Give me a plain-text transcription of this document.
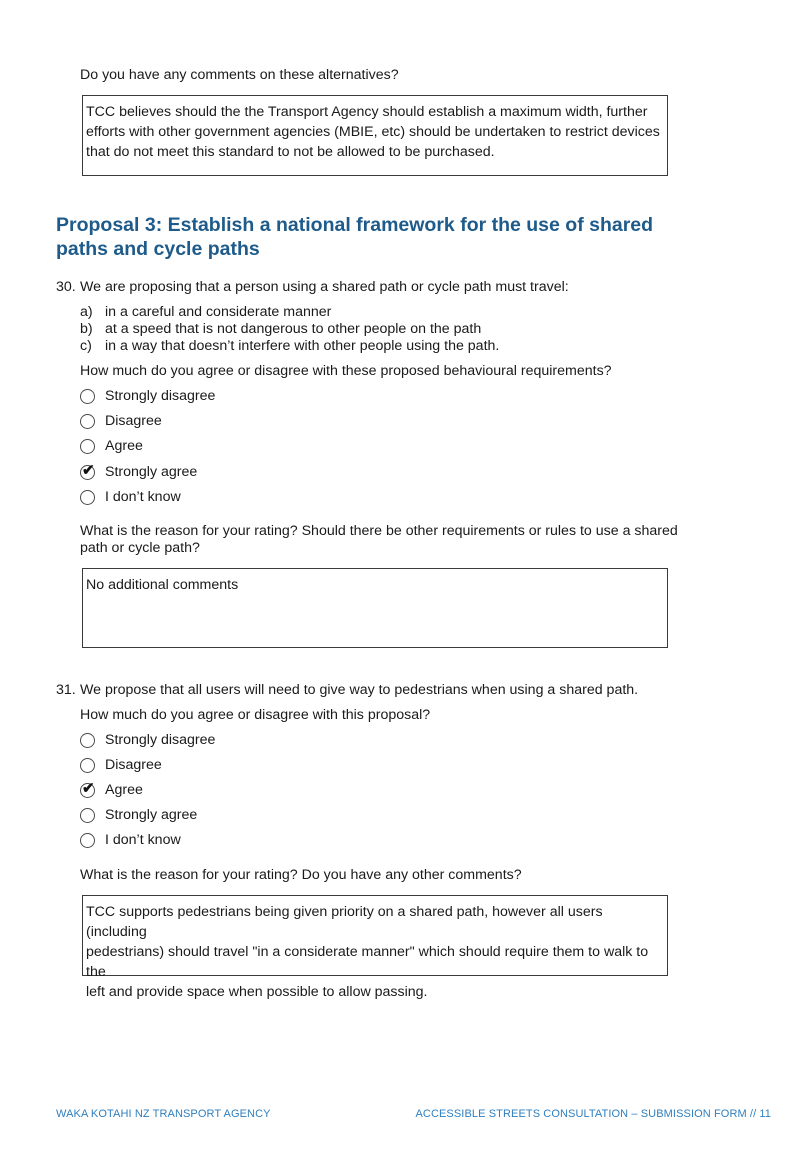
Do you have any comments on these alternatives?
TCC believes should the the Transport Agency should establish a maximum width, further
efforts with other government agencies (MBIE, etc) should be undertaken to restrict devices
that do not meet this standard to not be allowed to be purchased.
Proposal 3: Establish a national framework for the use of shared
paths and cycle paths
30. We are proposing that a person using a shared path or cycle path must travel:
a) in a careful and considerate manner
b) at a speed that is not dangerous to other people on the path
c) in a way that doesn’t interfere with other people using the path.
How much do you agree or disagree with these proposed behavioural requirements?
Strongly disagree
Disagree
Agree
✔ Strongly agree
I don’t know
What is the reason for your rating? Should there be other requirements or rules to use a shared
path or cycle path?
No additional comments
31. We propose that all users will need to give way to pedestrians when using a shared path.
How much do you agree or disagree with this proposal?
Strongly disagree
Disagree
✔ Agree
Strongly agree
I don’t know
What is the reason for your rating? Do you have any other comments?
TCC supports pedestrians being given priority on a shared path, however all users (including
pedestrians) should travel "in a considerate manner" which should require them to walk to the
left and provide space when possible to allow passing.
WAKA KOTAHI NZ TRANSPORT AGENCY	ACCESSIBLE STREETS CONSULTATION – SUBMISSION FORM // 11
